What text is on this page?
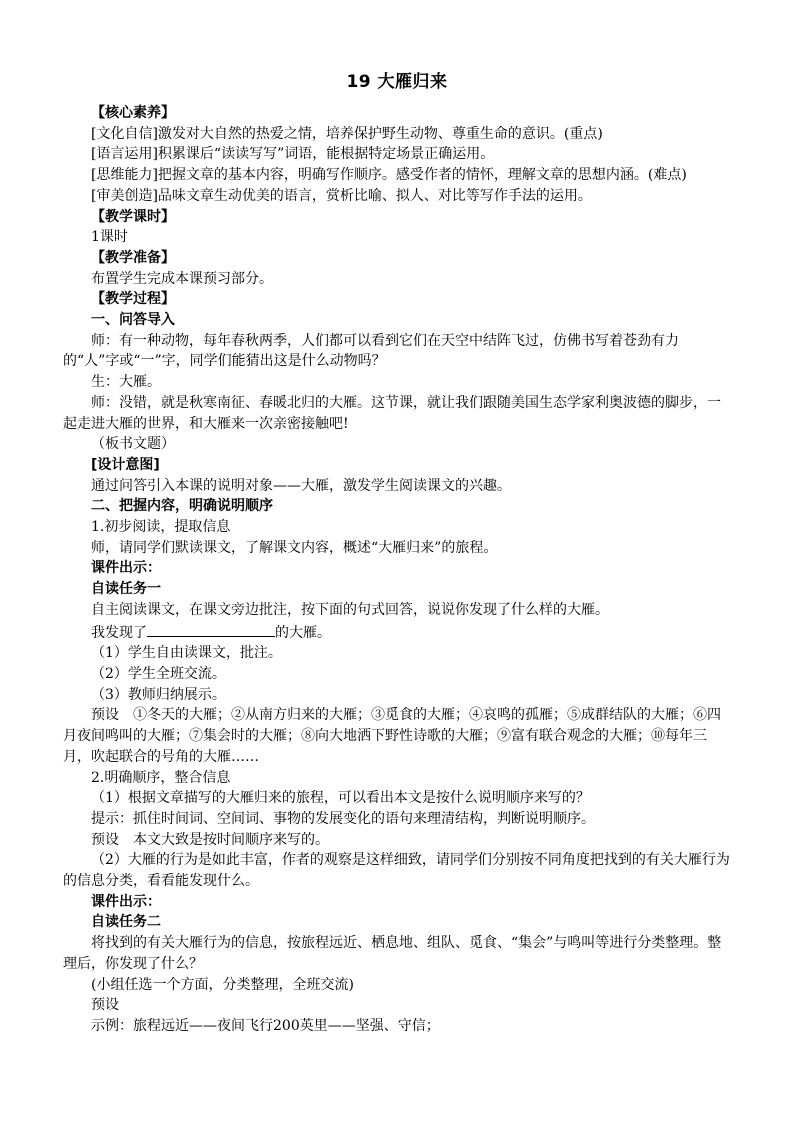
19 大雁归来

【核心素养】

[文化自信]激发对大自然的热爱之情，培养保护野生动物、尊重生命的意识。(重点)

[语言运用]积累课后“读读写写”词语，能根据特定场景正确运用。

[思维能力]把握文章的基本内容，明确写作顺序。感受作者的情怀，理解文章的思想内涵。(难点)

[审美创造]品味文章生动优美的语言，赏析比喻、拟人、对比等写作手法的运用。

【教学课时】

1课时

【教学准备】

布置学生完成本课预习部分。

【教学过程】

一、问答导入

师：有一种动物，每年春秋两季，人们都可以看到它们在天空中结阵飞过，仿佛书写着苍劲有力的“人”字或“一”字，同学们能猜出这是什么动物吗？

生：大雁。

师：没错，就是秋寒南征、春暖北归的大雁。这节课，就让我们跟随美国生态学家利奥波德的脚步，一起走进大雁的世界，和大雁来一次亲密接触吧!

（板书文题）

[设计意图]

通过问答引入本课的说明对象——大雁，激发学生阅读课文的兴趣。

二、把握内容，明确说明顺序

1.初步阅读，提取信息

师，请同学们默读课文，了解课文内容，概述“大雁归来”的旅程。

课件出示：

自读任务一

自主阅读课文，在课文旁边批注，按下面的句式回答，说说你发现了什么样的大雁。

我发现了	的大雁。

（1）学生自由读课文，批注。

（2）学生全班交流。

（3）教师归纳展示。

预设　①冬天的大雁；②从南方归来的大雁；③觅食的大雁；④哀鸣的孤雁；⑤成群结队的大雁；⑥四月夜间鸣叫的大雁；⑦集会时的大雁；⑧向大地洒下野性诗歌的大雁；⑨富有联合观念的大雁；⑩每年三月，吹起联合的号角的大雁……

2.明确顺序，整合信息

（1）根据文章描写的大雁归来的旅程，可以看出本文是按什么说明顺序来写的？

提示：抓住时间词、空间词、事物的发展变化的语句来理清结构，判断说明顺序。

预设　本文大致是按时间顺序来写的。

（2）大雁的行为是如此丰富，作者的观察是这样细致，请同学们分别按不同角度把找到的有关大雁行为的信息分类，看看能发现什么。

课件出示：

自读任务二

将找到的有关大雁行为的信息，按旅程远近、栖息地、组队、觅食、“集会”与鸣叫等进行分类整理。整理后，你发现了什么？

(小组任选一个方面，分类整理，全班交流)

预设

示例：旅程远近——夜间飞行200英里——坚强、守信；
